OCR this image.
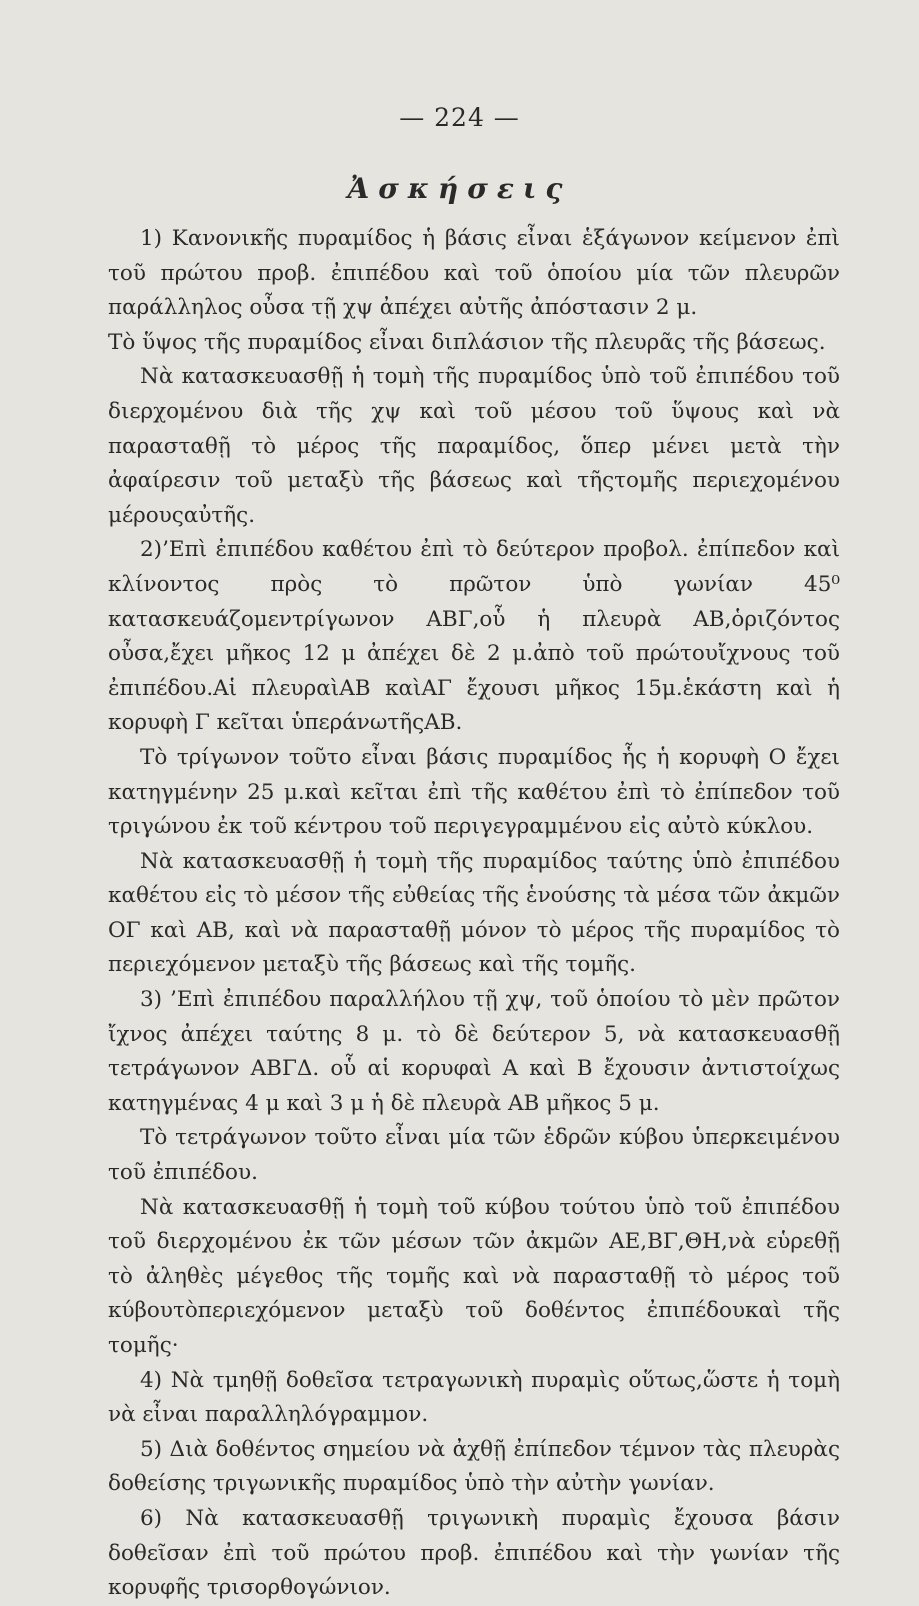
— 224 —
Ἀσκήσεις

1) Κανονικῆς πυραμίδος ἡ βάσις εἶναι ἑξάγωνον κείμενον ἐπὶ τοῦ πρώτου προβ. ἐπιπέδου καὶ τοῦ ὁποίου μία τῶν πλευρῶν παράλληλος οὖσα τῇ χψ ἀπέχει αὐτῆς ἀπόστασιν 2 μ.

Τὸ ὕψος τῆς πυραμίδος εἶναι διπλάσιον τῆς πλευρᾶς τῆς βάσεως.

Νὰ κατασκευασθῇ ἡ τομὴ τῆς πυραμίδος ὑπὸ τοῦ ἐπιπέδου τοῦ διερχομένου διὰ τῆς χψ καὶ τοῦ μέσου τοῦ ὕψους καὶ νὰ παρασταθῇ τὸ μέρος τῆς παραμίδος, ὅπερ μένει μετὰ τὴν ἀφαίρεσιν τοῦ μεταξὺ τῆς βάσεως καὶ τῆςτομῆς περιεχομένου μέρουςαὐτῆς.

2)’Επὶ ἐπιπέδου καθέτου ἐπὶ τὸ δεύτερον προβολ. ἐπίπεδον καὶ κλίνοντος πρὸς τὸ πρῶτον ὑπὸ γωνίαν 45⁰ κατασκευάζομεντρίγωνον ΑΒΓ,οὗ ἡ πλευρὰ ΑΒ,ὁριζόντος οὖσα,ἔχει μῆκος 12 μ ἀπέχει δὲ 2 μ.ἀπὸ τοῦ πρώτουἴχνους τοῦ ἐπιπέδου.Αἱ πλευραὶΑΒ καὶΑΓ ἔχουσι μῆκος 15μ.ἑκάστη καὶ ἡ κορυφὴ Γ κεῖται ὑπεράνωτῆςΑΒ.

Τὸ τρίγωνον τοῦτο εἶναι βάσις πυραμίδος ἧς ἡ κορυφὴ Ο ἔχει κατηγμένην 25 μ.καὶ κεῖται ἐπὶ τῆς καθέτου ἐπὶ τὸ ἐπίπεδον τοῦ τριγώνου ἐκ τοῦ κέντρου τοῦ περιγεγραμμένου εἰς αὐτὸ κύκλου.

Νὰ κατασκευασθῇ ἡ τομὴ τῆς πυραμίδος ταύτης ὑπὸ ἐπιπέδου καθέτου εἰς τὸ μέσον τῆς εὐθείας τῆς ἑνούσης τὰ μέσα τῶν ἀκμῶν ΟΓ καὶ ΑΒ, καὶ νὰ παρασταθῇ μόνον τὸ μέρος τῆς πυραμίδος τὸ περιεχόμενον μεταξὺ τῆς βάσεως καὶ τῆς τομῆς.

3) ’Επὶ ἐπιπέδου παραλλήλου τῇ χψ, τοῦ ὁποίου τὸ μὲν πρῶτον ἴχνος ἀπέχει ταύτης 8 μ. τὸ δὲ δεύτερον 5, νὰ κατασκευασθῇ τετράγωνον ΑΒΓΔ. οὗ αἱ κορυφαὶ Α καὶ Β ἔχουσιν ἀντιστοίχως κατηγμένας 4 μ καὶ 3 μ ἡ δὲ πλευρὰ ΑΒ μῆκος 5 μ.

Τὸ τετράγωνον τοῦτο εἶναι μία τῶν ἑδρῶν κύβου ὑπερκειμένου τοῦ ἐπιπέδου.

Νὰ κατασκευασθῇ ἡ τομὴ τοῦ κύβου τούτου ὑπὸ τοῦ ἐπιπέδου τοῦ διερχομένου ἐκ τῶν μέσων τῶν ἀκμῶν ΑΕ,ΒΓ,ΘΗ,νὰ εὑρεθῇ τὸ ἀληθὲς μέγεθος τῆς τομῆς καὶ νὰ παρασταθῇ τὸ μέρος τοῦ κύβουτὸπεριεχόμενον μεταξὺ τοῦ δοθέντος ἐπιπέδουκαὶ τῆς τομῆς·

4) Νὰ τμηθῇ δοθεῖσα τετραγωνικὴ πυραμὶς οὕτως,ὥστε ἡ τομὴ νὰ εἶναι παραλληλόγραμμον.

5) Διὰ δοθέντος σημείου νὰ ἀχθῇ ἐπίπεδον τέμνον τὰς πλευρὰς δοθείσης τριγωνικῆς πυραμίδος ὑπὸ τὴν αὐτὴν γωνίαν.

6) Νὰ κατασκευασθῇ τριγωνικὴ πυραμὶς ἔχουσα βάσιν δοθεῖσαν ἐπὶ τοῦ πρώτου προβ. ἐπιπέδου καὶ τὴν γωνίαν τῆς κορυφῆς τρισορθογώνιον.
